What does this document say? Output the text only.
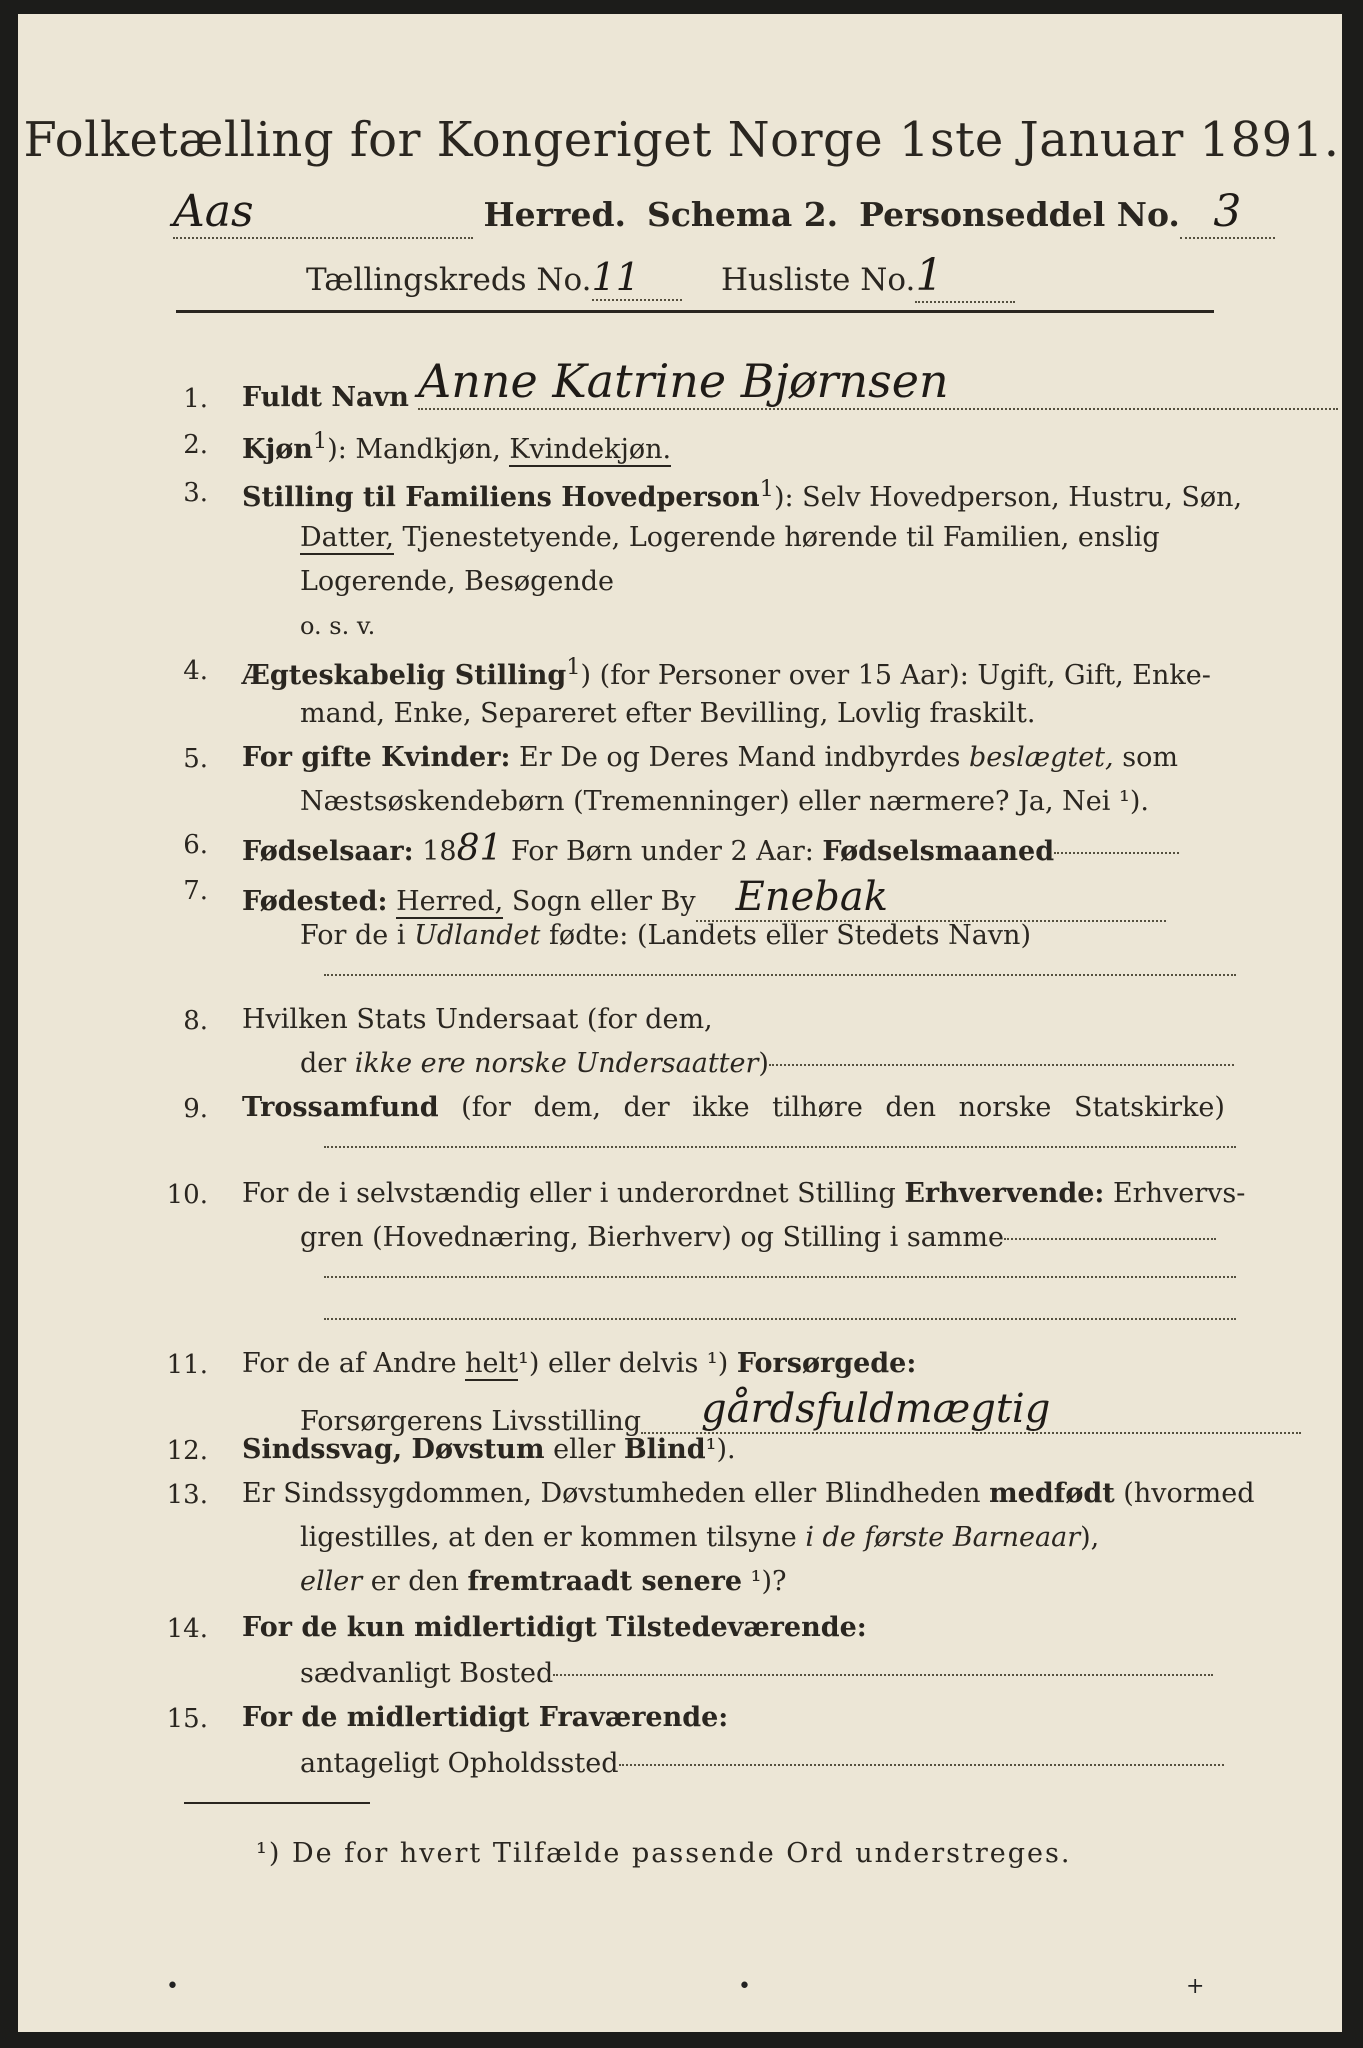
Folketælling for Kongeriget Norge 1ste Januar 1891.
Aas	Herred. Schema 2. Personseddel No. 3
Tællingskreds No.11	Husliste No.1
1. Fuldt Navn Anne Katrine Bjørnsen
2. Kjøn$^1$): Mandkjøn, Kvindekjøn.
3. Stilling til Familiens Hovedperson$^1$): Selv Hovedperson, Hustru, Søn,
Datter, Tjenestetyende, Logerende hørende til Familien, enslig
Logerende, Besøgende
o. s. v.
4. Ægteskabelig Stilling$^1$) (for Personer over 15 Aar): Ugift, Gift, Enke-
mand, Enke, Separeret efter Bevilling, Lovlig fraskilt.
5. For gifte Kvinder: Er De og Deres Mand indbyrdes beslægtet, som
Næstsøskendebørn (Tremenninger) eller nærmere? Ja, Nei ¹).
6. Fødselsaar: 1881 For Børn under 2 Aar: Fødselsmaaned
7. Fødested: Herred, Sogn eller By Enebak
For de i Udlandet fødte: (Landets eller Stedets Navn)
8. Hvilken Stats Undersaat (for dem,
der ikke ere norske Undersaatter)
9. Trossamfund (for dem, der ikke tilhøre den norske Statskirke)
10. For de i selvstændig eller i underordnet Stilling Erhvervende: Erhvervs-
gren (Hovednæring, Bierhverv) og Stilling i samme
11. For de af Andre helt¹) eller delvis ¹) Forsørgede:
Forsørgerens Livsstilling gårdsfuldmægtig
12. Sindssvag, Døvstum eller Blind¹).
13. Er Sindssygdommen, Døvstumheden eller Blindheden medfødt (hvormed
ligestilles, at den er kommen tilsyne i de første Barneaar),
eller er den fremtraadt senere ¹)?
14. For de kun midlertidigt Tilstedeværende:
sædvanligt Bosted
15. For de midlertidigt Fraværende:
antageligt Opholdssted
¹) De for hvert Tilfælde passende Ord understreges.
•	•	+
